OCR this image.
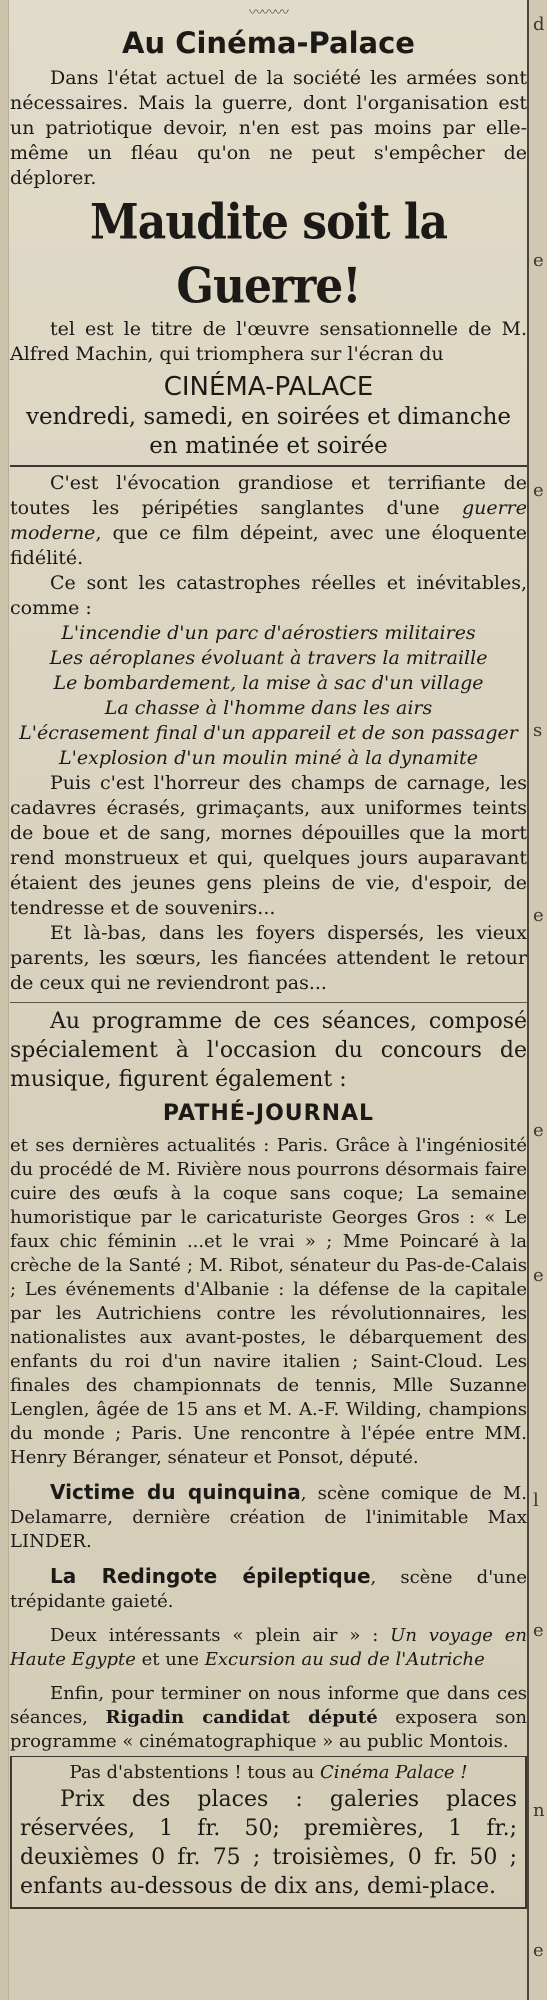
d
e
e
s
e
e
e
l
e
n
e
〰〰〰
Au Cinéma-Palace

Dans l'état actuel de la société les armées sont nécessaires. Mais la guerre, dont l'organisation est un patriotique devoir, n'en est pas moins par elle-même un fléau qu'on ne peut s'empêcher de déplorer.

Maudite soit la Guerre!

tel est le titre de l'œuvre sensationnelle de M. Alfred Machin, qui triomphera sur l'écran du

CINÉMA-PALACE
vendredi, samedi, en soirées et dimanche
en matinée et soirée

C'est l'évocation grandiose et terrifiante de toutes les péripéties sanglantes d'une guerre moderne, que ce film dépeint, avec une éloquente fidélité.

Ce sont les catastrophes réelles et inévitables, comme :

L'incendie d'un parc d'aérostiers militaires
Les aéroplanes évoluant à travers la mitraille
Le bombardement, la mise à sac d'un village
La chasse à l'homme dans les airs
L'écrasement final d'un appareil et de son passager
L'explosion d'un moulin miné à la dynamite

Puis c'est l'horreur des champs de carnage, les cadavres écrasés, grimaçants, aux uniformes teints de boue et de sang, mornes dépouilles que la mort rend monstrueux et qui, quelques jours auparavant étaient des jeunes gens pleins de vie, d'espoir, de tendresse et de souvenirs...

Et là-bas, dans les foyers dispersés, les vieux parents, les sœurs, les fiancées attendent le retour de ceux qui ne reviendront pas...

Au programme de ces séances, composé spécialement à l'occasion du concours de musique, figurent également :

PATHÉ-JOURNAL

et ses dernières actualités : Paris. Grâce à l'ingéniosité du procédé de M. Rivière nous pourrons désormais faire cuire des œufs à la coque sans coque; La semaine humoristique par le caricaturiste Georges Gros : « Le faux chic féminin ...et le vrai » ; Mme Poincaré à la crèche de la Santé ; M. Ribot, sénateur du Pas-de-Calais ; Les événements d'Albanie : la défense de la capitale par les Autrichiens contre les révolutionnaires, les nationalistes aux avant-postes, le débarquement des enfants du roi d'un navire italien ; Saint-Cloud. Les finales des championnats de tennis, Mlle Suzanne Lenglen, âgée de 15 ans et M. A.-F. Wilding, champions du monde ; Paris. Une rencontre à l'épée entre MM. Henry Béranger, sénateur et Ponsot, député.

Victime du quinquina, scène comique de M. Delamarre, dernière création de l'inimitable Max LINDER.

La Redingote épileptique, scène d'une trépidante gaieté.

Deux intéressants « plein air » : Un voyage en Haute Egypte et une Excursion au sud de l'Autriche

Enfin, pour terminer on nous informe que dans ces séances, Rigadin candidat député exposera son programme « cinématographique » au public Montois.

Pas d'abstentions ! tous au Cinéma Palace !

Prix des places : galeries places réservées, 1 fr. 50; premières, 1 fr.; deuxièmes 0 fr. 75 ; troisièmes, 0 fr. 50 ; enfants au-dessous de dix ans, demi-place.
